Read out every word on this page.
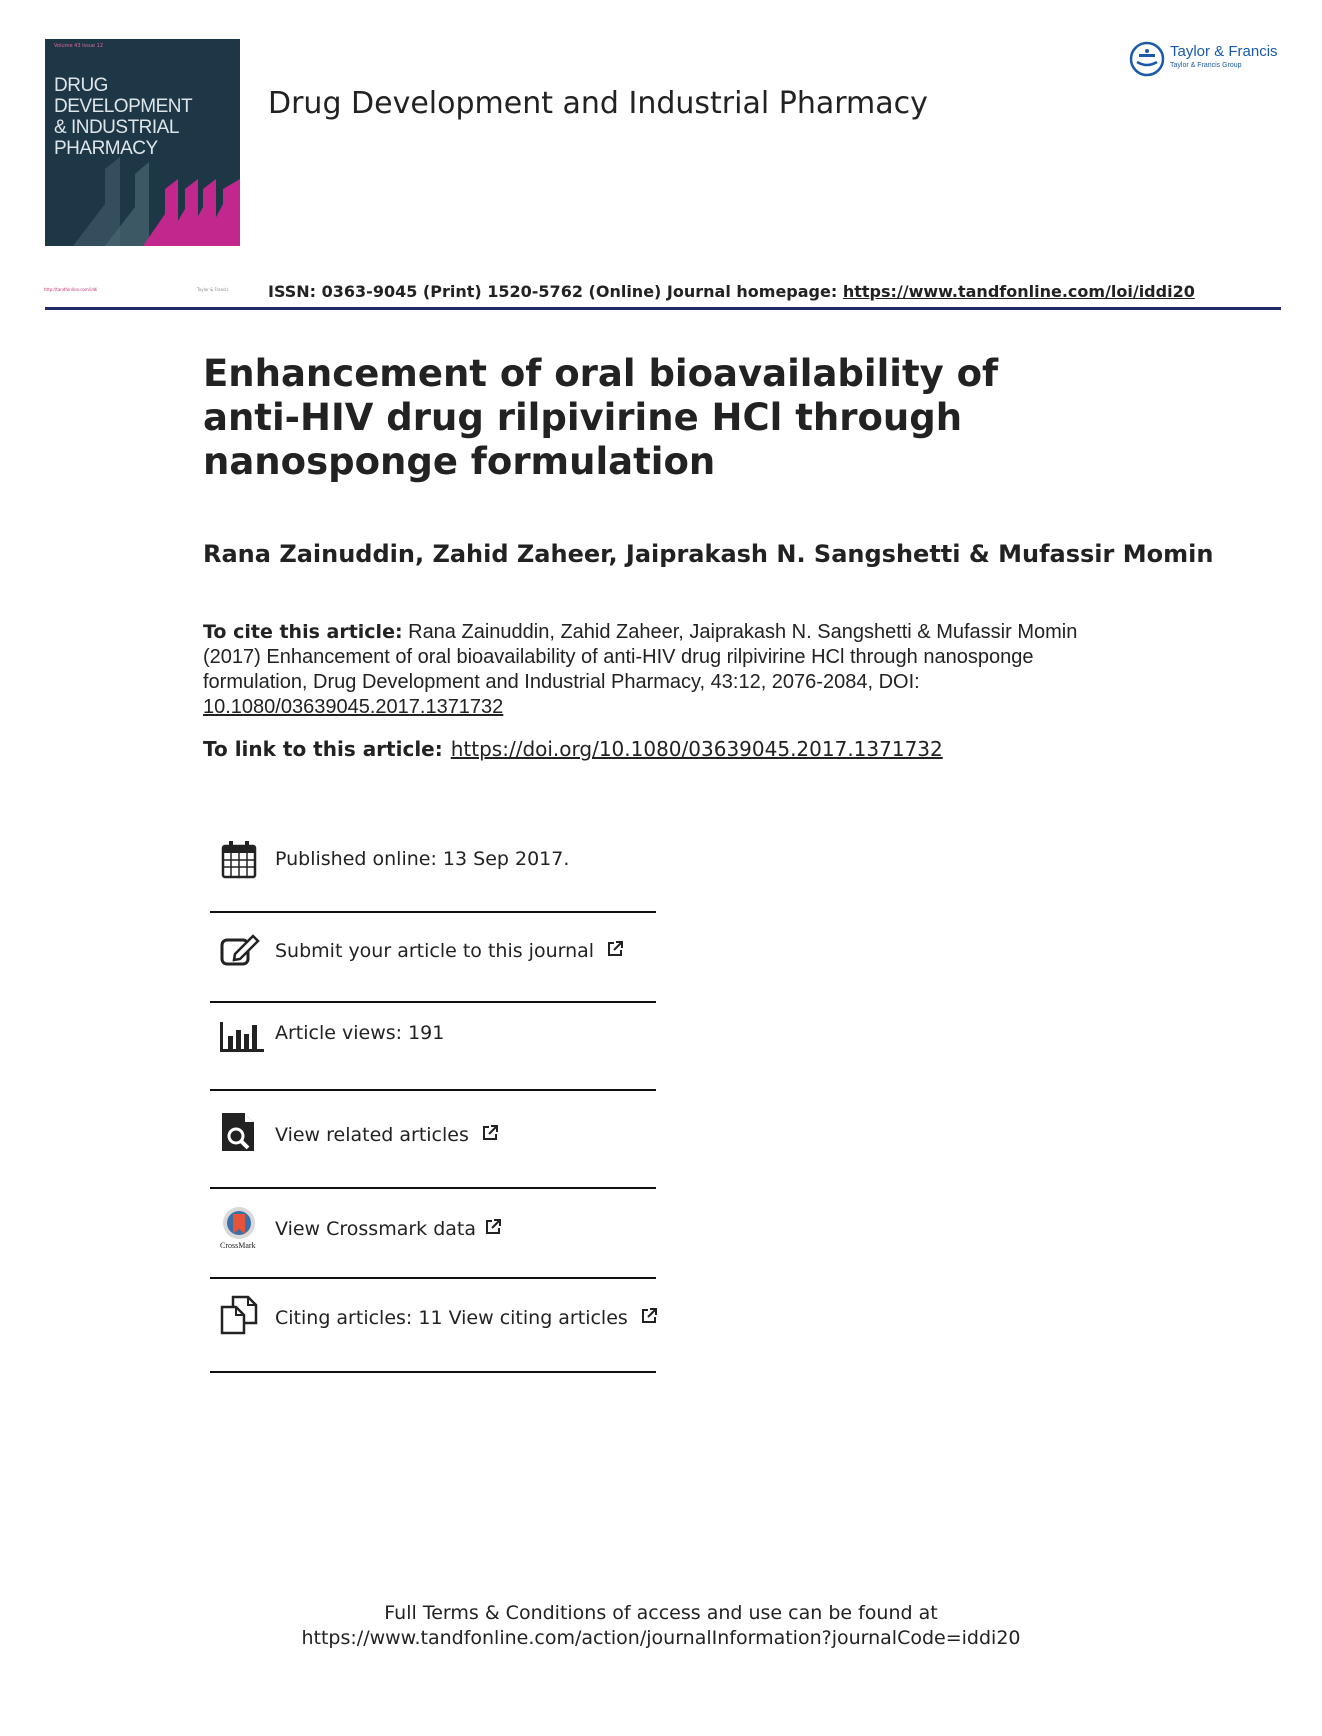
Volume 43 Issue 12
DRUG DEVELOPMENT
& INDUSTRIAL
PHARMACY
Drug Development and Industrial Pharmacy
Taylor & Francis
Taylor & Francis Group
http://tandfonline.com/iddi	Taylor & Francis ISSN: 0363-9045 (Print) 1520-5762 (Online) Journal homepage: https://www.tandfonline.com/loi/iddi20
Enhancement of oral bioavailability of anti-HIV drug rilpivirine HCl through nanosponge formulation
Rana Zainuddin, Zahid Zaheer, Jaiprakash N. Sangshetti & Mufassir Momin
To cite this article: Rana Zainuddin, Zahid Zaheer, Jaiprakash N. Sangshetti & Mufassir Momin (2017) Enhancement of oral bioavailability of anti-HIV drug rilpivirine HCl through nanosponge formulation, Drug Development and Industrial Pharmacy, 43:12, 2076-2084, DOI: 10.1080/03639045.2017.1371732
To link to this article: https://doi.org/10.1080/03639045.2017.1371732
Published online: 13 Sep 2017.
Submit your article to this journal
Article views: 191
View related articles
CrossMark
View Crossmark data
Citing articles: 11 View citing articles
Full Terms & Conditions of access and use can be found at
https://www.tandfonline.com/action/journalInformation?journalCode=iddi20
